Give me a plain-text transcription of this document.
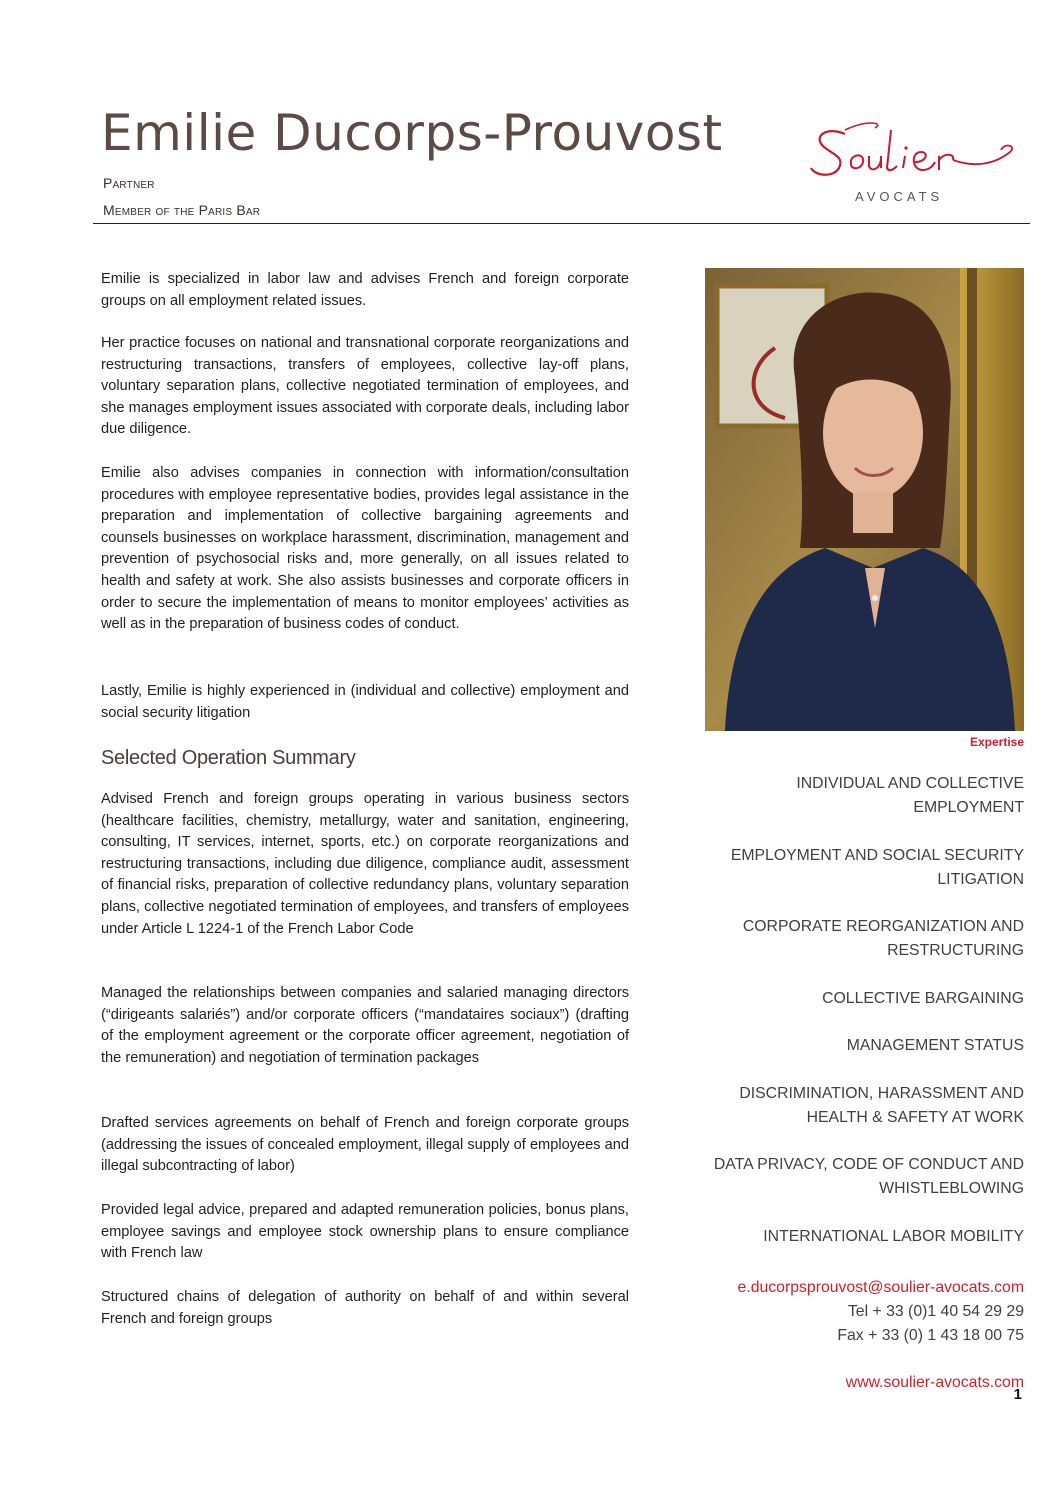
Emilie Ducorps-Prouvost

Partner

Member of the Paris Bar

AVOCATS

Emilie is specialized in labor law and advises French and foreign corporate groups on all employment related issues.

Her practice focuses on national and transnational corporate reorganizations and restructuring transactions, transfers of employees, collective lay-off plans, voluntary separation plans, collective negotiated termination of employees, and she manages employment issues associated with corporate deals, including labor due diligence.

Emilie also advises companies in connection with information/consultation procedures with employee representative bodies, provides legal assistance in the preparation and implementation of collective bargaining agreements and counsels businesses on workplace harassment, discrimination, management and prevention of psychosocial risks and, more generally, on all issues related to health and safety at work. She also assists businesses and corporate officers in order to secure the implementation of means to monitor employees’ activities as well as in the preparation of business codes of conduct.

Lastly, Emilie is highly experienced in (individual and collective) employment and social security litigation

Selected Operation Summary

Advised French and foreign groups operating in various business sectors (healthcare facilities, chemistry, metallurgy, water and sanitation, engineering, consulting, IT services, internet, sports, etc.) on corporate reorganizations and restructuring transactions, including due diligence, compliance audit, assessment of financial risks, preparation of collective redundancy plans, voluntary separation plans, collective negotiated termination of employees, and transfers of employees under Article L 1224-1 of the French Labor Code

Managed the relationships between companies and salaried managing directors (“dirigeants salariés”) and/or corporate officers (“mandataires sociaux”) (drafting of the employment agreement or the corporate officer agreement, negotiation of the remuneration) and negotiation of termination packages

Drafted services agreements on behalf of French and foreign corporate groups (addressing the issues of concealed employment, illegal supply of employees and illegal subcontracting of labor)

Provided legal advice, prepared and adapted remuneration policies, bonus plans, employee savings and employee stock ownership plans to ensure compliance with French law

Structured chains of delegation of authority on behalf of and within several French and foreign groups

Expertise

INDIVIDUAL AND COLLECTIVE EMPLOYMENT
EMPLOYMENT AND SOCIAL SECURITY LITIGATION
CORPORATE REORGANIZATION AND RESTRUCTURING
COLLECTIVE BARGAINING
MANAGEMENT STATUS
DISCRIMINATION, HARASSMENT AND HEALTH & SAFETY AT WORK
DATA PRIVACY, CODE OF CONDUCT AND WHISTLEBLOWING
INTERNATIONAL LABOR MOBILITY

e.ducorpsprouvost@soulier-avocats.com

Tel + 33 (0)1 40 54 29 29

Fax + 33 (0) 1 43 18 00 75

www.soulier-avocats.com

1
